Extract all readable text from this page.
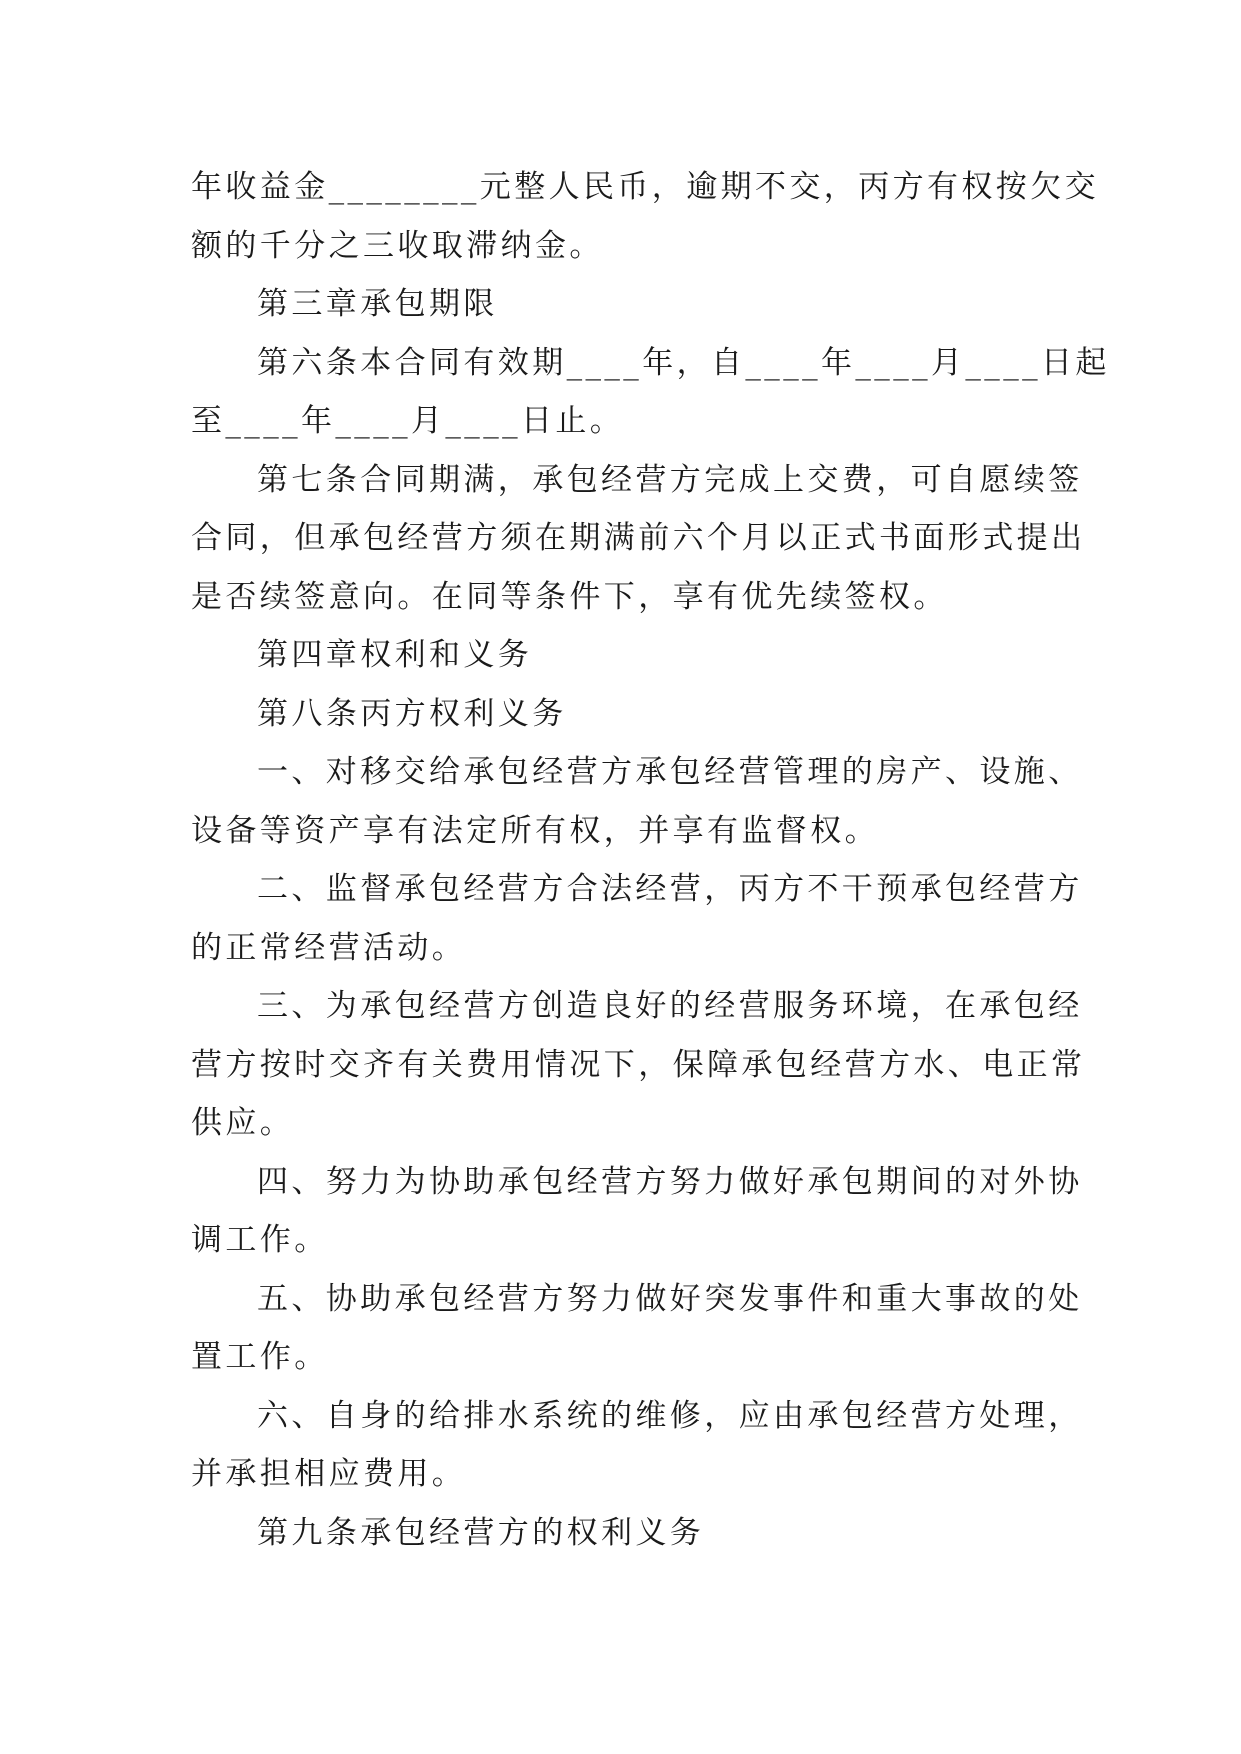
年收益金________元整人民币，逾期不交，丙方有权按欠交
额的千分之三收取滞纳金。
第三章承包期限
第六条本合同有效期____年，自____年____月____日起
至____年____月____日止。
第七条合同期满，承包经营方完成上交费，可自愿续签
合同，但承包经营方须在期满前六个月以正式书面形式提出
是否续签意向。在同等条件下，享有优先续签权。
第四章权利和义务
第八条丙方权利义务
一、对移交给承包经营方承包经营管理的房产、设施、
设备等资产享有法定所有权，并享有监督权。
二、监督承包经营方合法经营，丙方不干预承包经营方
的正常经营活动。
三、为承包经营方创造良好的经营服务环境，在承包经
营方按时交齐有关费用情况下，保障承包经营方水、电正常
供应。
四、努力为协助承包经营方努力做好承包期间的对外协
调工作。
五、协助承包经营方努力做好突发事件和重大事故的处
置工作。
六、自身的给排水系统的维修，应由承包经营方处理，
并承担相应费用。
第九条承包经营方的权利义务
